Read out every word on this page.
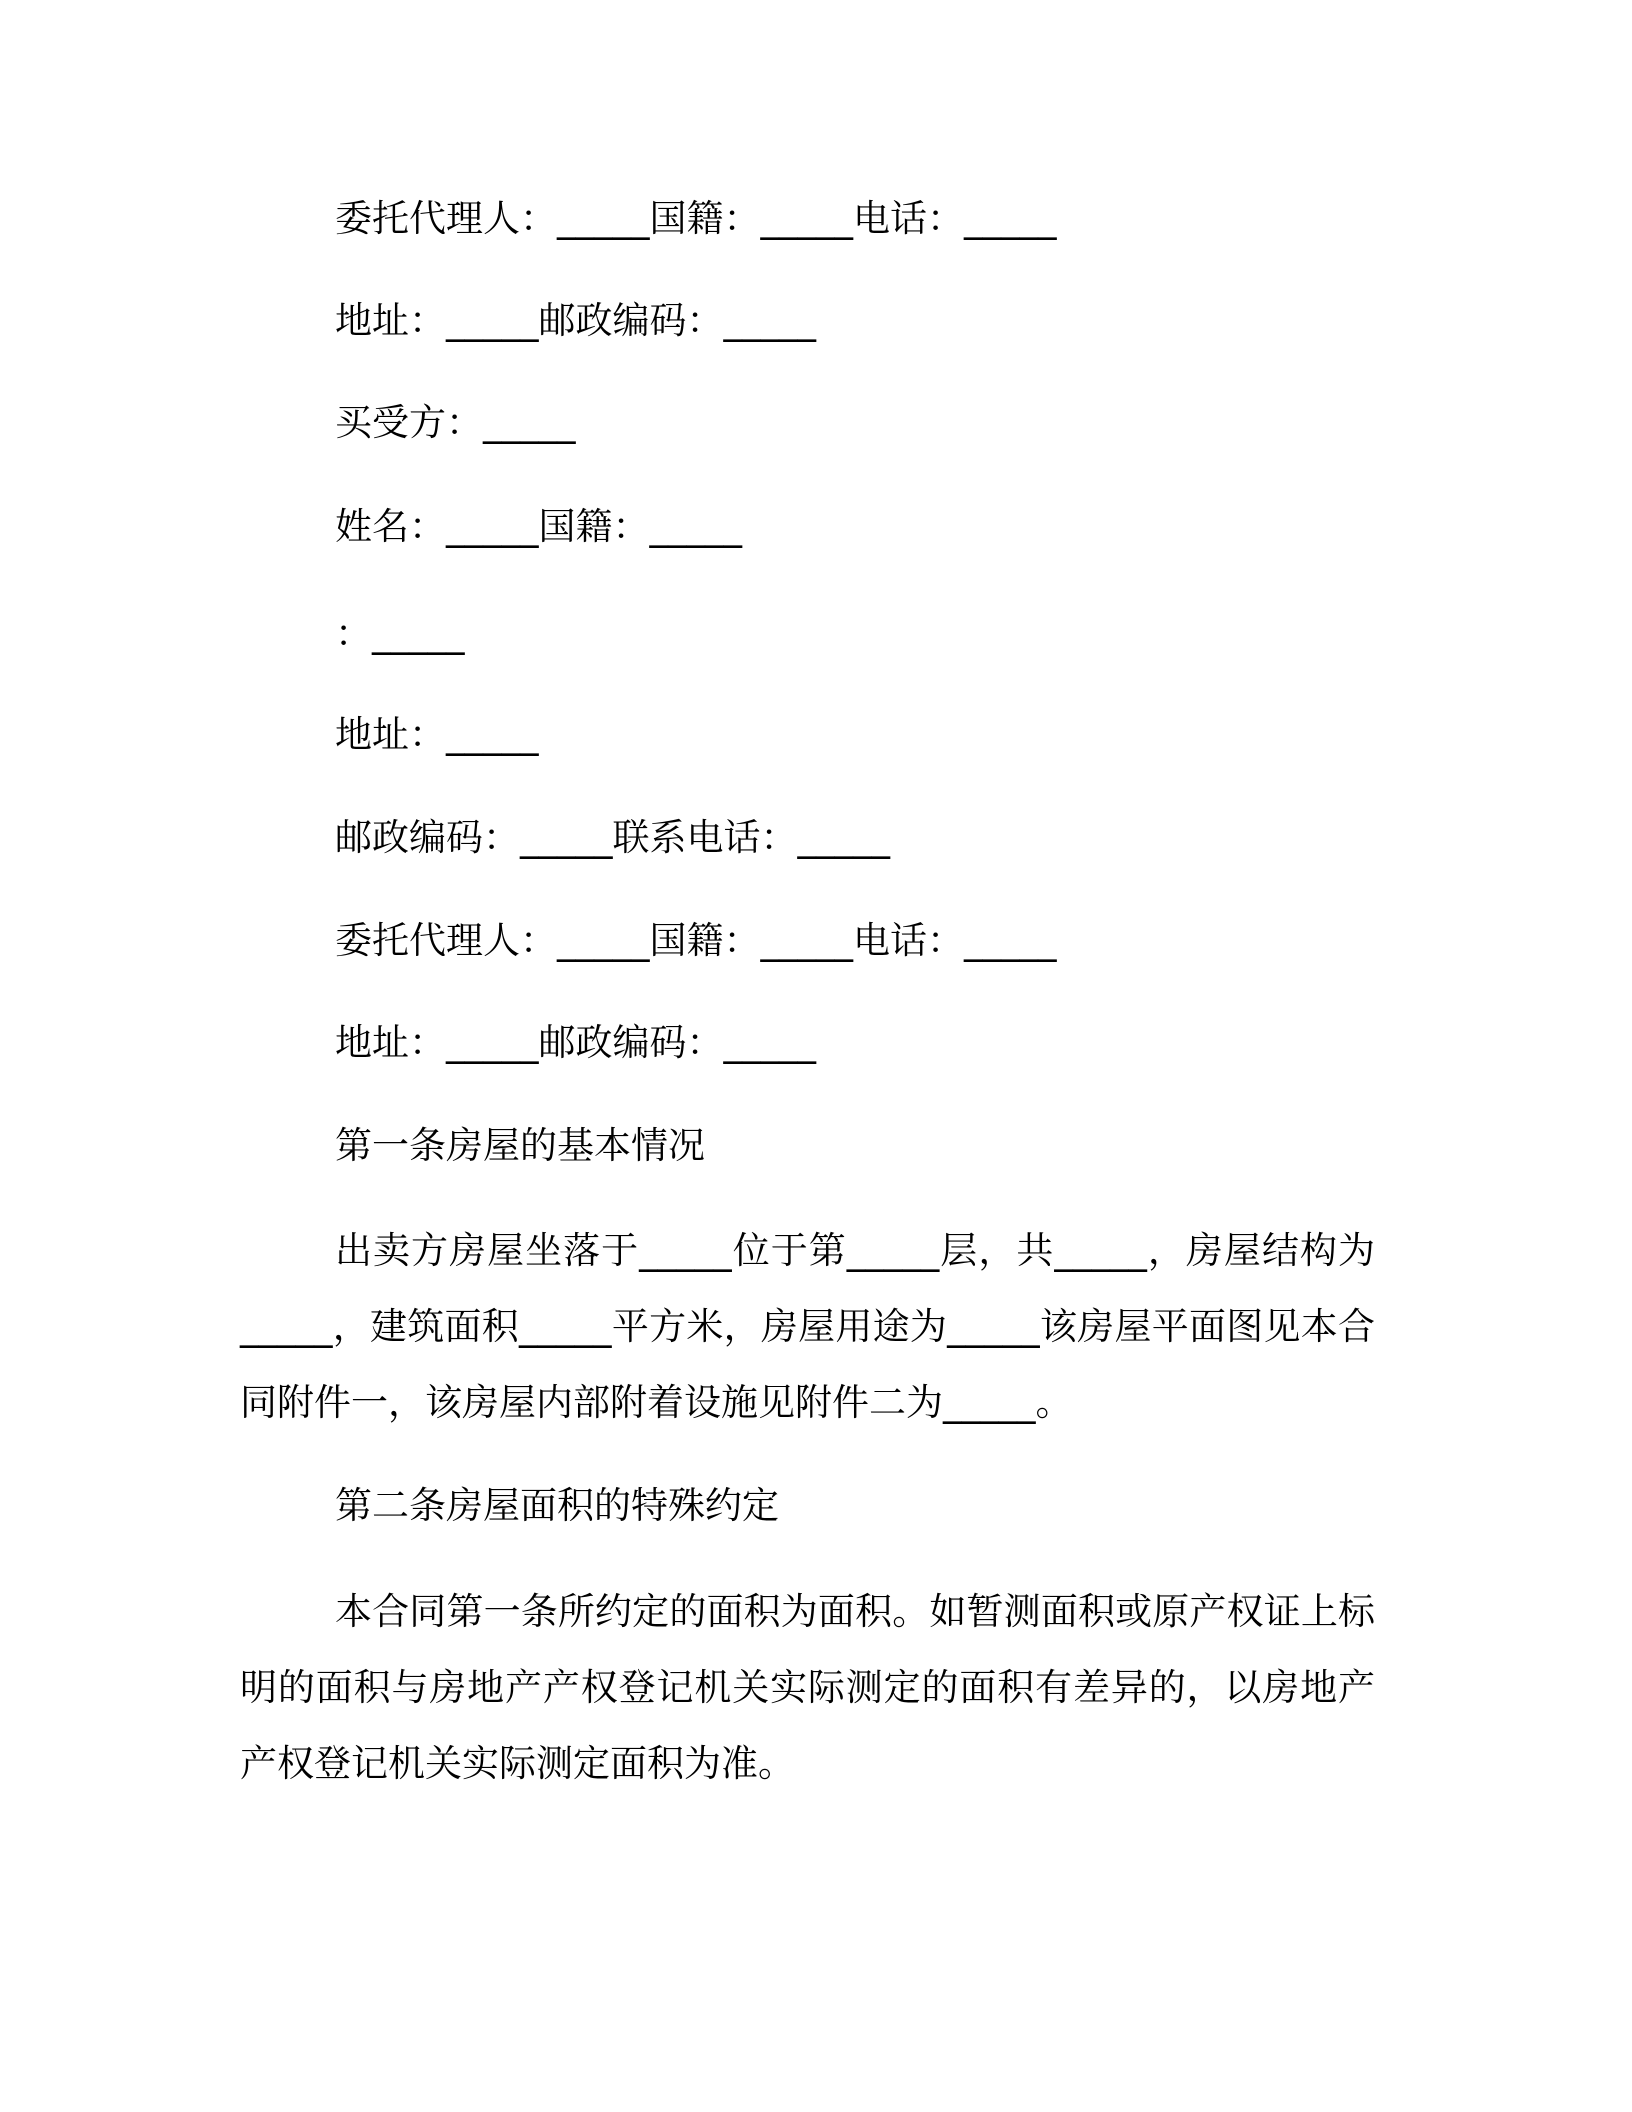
委托代理人：_____国籍：_____电话：_____

地址：_____邮政编码：_____

买受方：_____

姓名：_____国籍：_____

：_____

地址：_____

邮政编码：_____联系电话：_____

委托代理人：_____国籍：_____电话：_____

地址：_____邮政编码：_____

第一条房屋的基本情况

出卖方房屋坐落于_____位于第_____层，共_____，房屋结构为_____，建筑面积_____平方米，房屋用途为_____该房屋平面图见本合同附件一，该房屋内部附着设施见附件二为_____。

第二条房屋面积的特殊约定

本合同第一条所约定的面积为面积。如暂测面积或原产权证上标明的面积与房地产产权登记机关实际测定的面积有差异的，以房地产产权登记机关实际测定面积为准。
